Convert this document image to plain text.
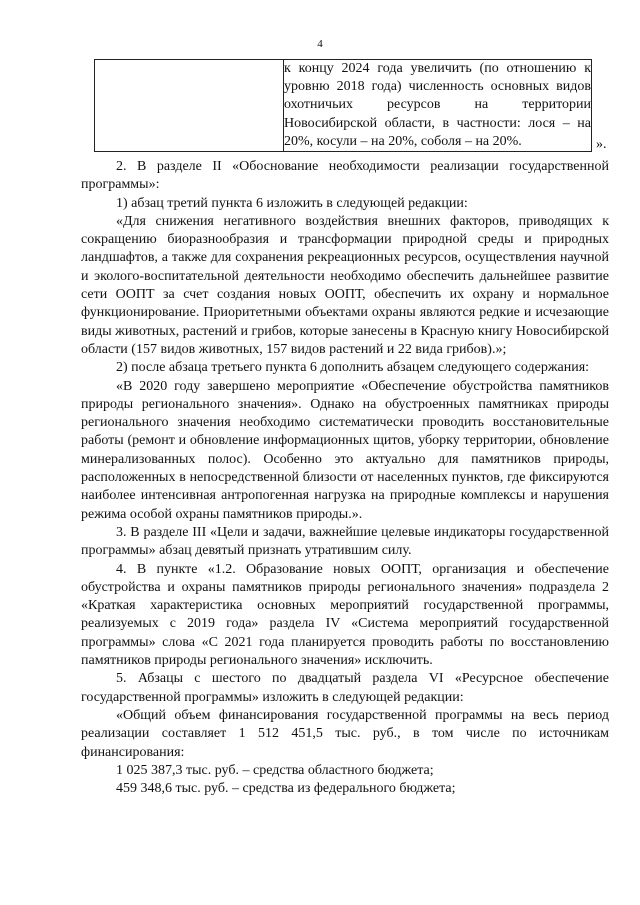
4
	к концу 2024 года увеличить (по отношению к уровню 2018 года) численность основных видов охотничьих ресурсов на территории Новосибирской области, в частности: лося – на 20%, косули – на 20%, соболя – на 20%.	».

2. В разделе II «Обоснование необходимости реализации государственной программы»:

1) абзац третий пункта 6 изложить в следующей редакции:

«Для снижения негативного воздействия внешних факторов, приводящих к сокращению биоразнообразия и трансформации природной среды и природных ландшафтов, а также для сохранения рекреационных ресурсов, осуществления научной и эколого-воспитательной деятельности необходимо обеспечить дальнейшее развитие сети ООПТ за счет создания новых ООПТ, обеспечить их охрану и нормальное функционирование. Приоритетными объектами охраны являются редкие и исчезающие виды животных, растений и грибов, которые занесены в Красную книгу Новосибирской области (157 видов животных, 157 видов растений и 22 вида грибов).»;

2) после абзаца третьего пункта 6 дополнить абзацем следующего содержания:

«В 2020 году завершено мероприятие «Обеспечение обустройства памятников природы регионального значения». Однако на обустроенных памятниках природы регионального значения необходимо систематически проводить восстановительные работы (ремонт и обновление информационных щитов, уборку территории, обновление минерализованных полос). Особенно это актуально для памятников природы, расположенных в непосредственной близости от населенных пунктов, где фиксируются наиболее интенсивная антропогенная нагрузка на природные комплексы и нарушения режима особой охраны памятников природы.».

3. В разделе III «Цели и задачи, важнейшие целевые индикаторы государственной программы» абзац девятый признать утратившим силу.

4. В пункте «1.2. Образование новых ООПТ, организация и обеспечение обустройства и охраны памятников природы регионального значения» подраздела 2 «Краткая характеристика основных мероприятий государственной программы, реализуемых с 2019 года» раздела IV «Система мероприятий государственной программы» слова «С 2021 года планируется проводить работы по восстановлению памятников природы регионального значения» исключить.

5. Абзацы с шестого по двадцатый раздела VI «Ресурсное обеспечение государственной программы» изложить в следующей редакции:

«Общий объем финансирования государственной программы на весь период реализации составляет 1 512 451,5 тыс. руб., в том числе по источникам финансирования:

1 025 387,3 тыс. руб. – средства областного бюджета;

459 348,6 тыс. руб. – средства из федерального бюджета;
